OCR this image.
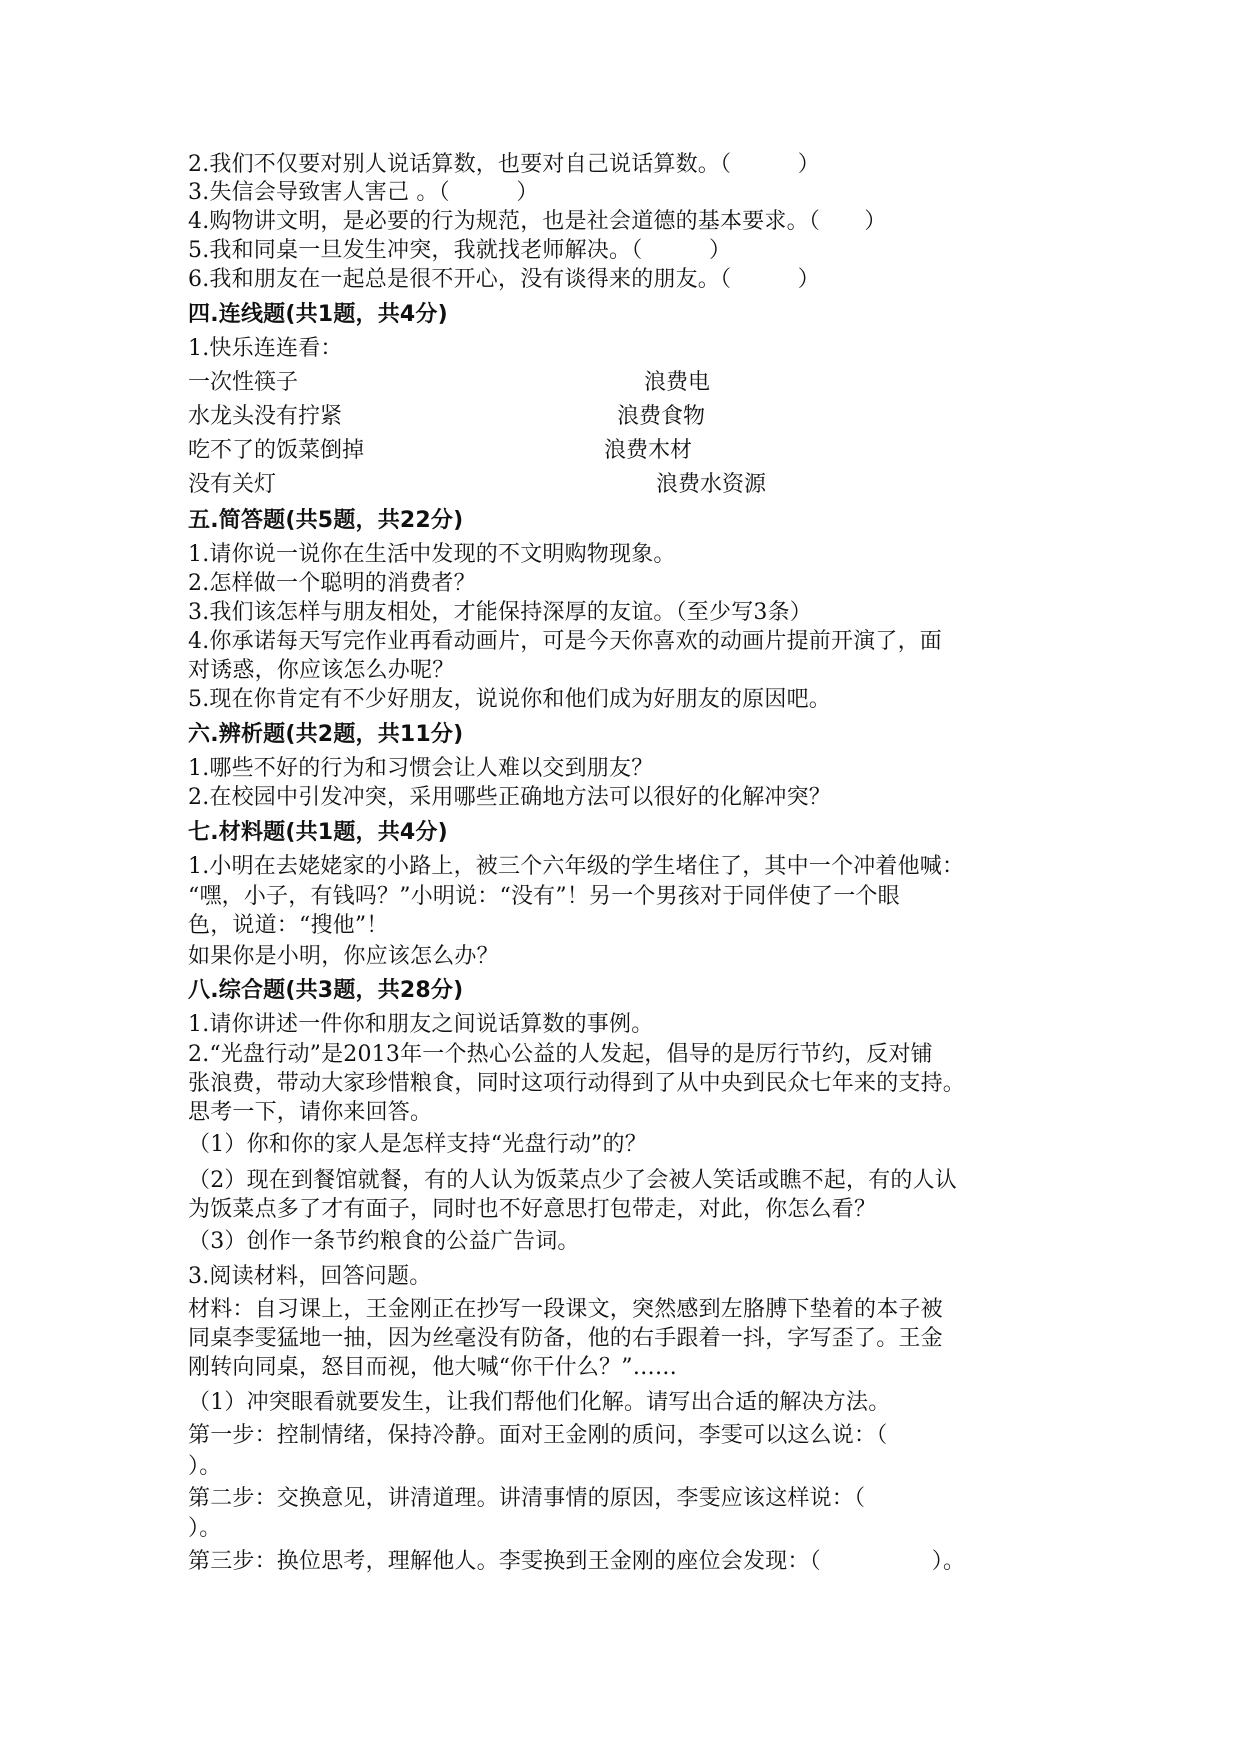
2.我们不仅要对别人说话算数，也要对自己说话算数。（　　　）
3.失信会导致害人害己 。（　　　）
4.购物讲文明，是必要的行为规范，也是社会道德的基本要求。（　　）
5.我和同桌一旦发生冲突，我就找老师解决。（　　　）
6.我和朋友在一起总是很不开心，没有谈得来的朋友。（　　　）
四.连线题(共1题，共4分)
1.快乐连连看：
一次性筷子	浪费电
水龙头没有拧紧	浪费食物
吃不了的饭菜倒掉	浪费木材
没有关灯	浪费水资源
五.简答题(共5题，共22分)
1.请你说一说你在生活中发现的不文明购物现象。
2.怎样做一个聪明的消费者？
3.我们该怎样与朋友相处，才能保持深厚的友谊。（至少写3条）
4.你承诺每天写完作业再看动画片，可是今天你喜欢的动画片提前开演了，面
对诱惑，你应该怎么办呢？
5.现在你肯定有不少好朋友，说说你和他们成为好朋友的原因吧。
六.辨析题(共2题，共11分)
1.哪些不好的行为和习惯会让人难以交到朋友？
2.在校园中引发冲突，采用哪些正确地方法可以很好的化解冲突？
七.材料题(共1题，共4分)
1.小明在去姥姥家的小路上，被三个六年级的学生堵住了，其中一个冲着他喊：
“嘿，小子，有钱吗？”小明说：“没有”！另一个男孩对于同伴使了一个眼
色，说道：“搜他”！
如果你是小明，你应该怎么办？
八.综合题(共3题，共28分)
1.请你讲述一件你和朋友之间说话算数的事例。
2.“光盘行动”是2013年一个热心公益的人发起，倡导的是厉行节约，反对铺
张浪费，带动大家珍惜粮食，同时这项行动得到了从中央到民众七年来的支持。
思考一下，请你来回答。
（1）你和你的家人是怎样支持“光盘行动”的？
（2）现在到餐馆就餐，有的人认为饭菜点少了会被人笑话或瞧不起，有的人认
为饭菜点多了才有面子，同时也不好意思打包带走，对此，你怎么看？
（3）创作一条节约粮食的公益广告词。
3.阅读材料，回答问题。
材料：自习课上，王金刚正在抄写一段课文，突然感到左胳膊下垫着的本子被
同桌李雯猛地一抽，因为丝毫没有防备，他的右手跟着一抖，字写歪了。王金
刚转向同桌，怒目而视，他大喊“你干什么？”……
（1）冲突眼看就要发生，让我们帮他们化解。请写出合适的解决方法。
第一步：控制情绪，保持冷静。面对王金刚的质问，李雯可以这么说：（
）。
第二步：交换意见，讲清道理。讲清事情的原因，李雯应该这样说：（
）。
第三步：换位思考，理解他人。李雯换到王金刚的座位会发现：（　　　　　）。
